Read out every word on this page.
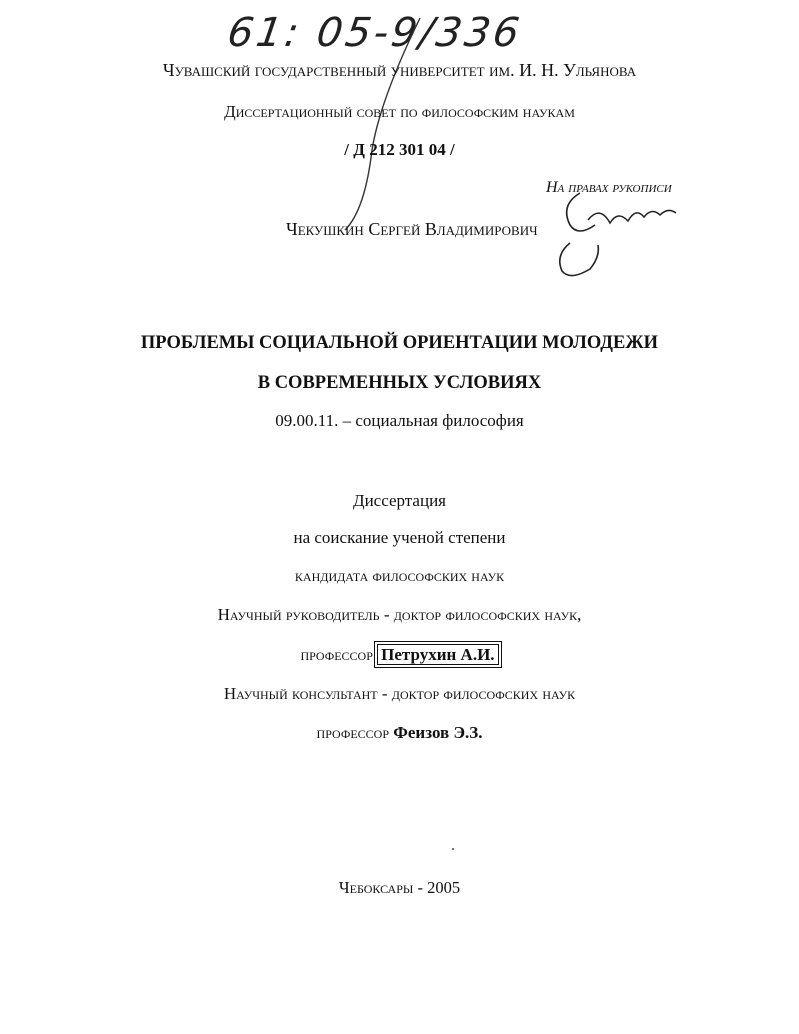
61: 05-9/336
Чувашский государственный университет им. И. Н. Ульянова
Диссертационный совет по философским наукам
/ Д 212 301 04 /
На правах рукописи
Чекушкин Сергей Владимирович
ПРОБЛЕМЫ СОЦИАЛЬНОЙ ОРИЕНТАЦИИ МОЛОДЕЖИ
В СОВРЕМЕННЫХ УСЛОВИЯХ
09.00.11. – социальная философия
Диссертация
на соискание ученой степени
кандидата философских наук
Научный руководитель - доктор философских наук,
профессор Петрухин А.И.
Научный консультант - доктор философских наук
профессор Феизов Э.З.
Чебоксары - 2005
